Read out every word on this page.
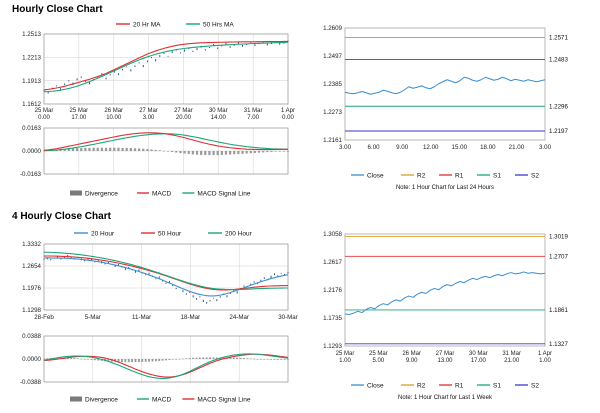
Hourly Close Chart
4 Hourly Close Chart
1.1612
1.1913
1.2213
1.2513
25 Mar
0.00
25 Mar
17.00
26 Mar
10.00
27 Mar
3.00
27 Mar
20.00
30 Mar
14.00
31 Mar
7.00
1 Apr
0.00
20 Hr MA	50 Hrs MA
-0.0163
0.0000
0.0163
Divergence	MACD	MACD Signal Line
1.2161
1.2273
1.2385
1.2497
1.2609
1.2571
1.2483
1.2296
1.2197
3.00	6.00	9.00 12.00 15.00 18.00 21.00 3.00
Close	R2	R1	S1	S2
Note: 1 Hour Chart for Last 24 Hours
1.1298
1.1976
1.2654
1.3332
28-Feb	5-Mar	11-Mar	18-Mar	24-Mar	30-Mar
20 Hour	50 Hour	200 Hour
-0.0388
0.0000
0.0388
Divergence	MACD	MACD Signal Line
1.1293
1.1735
1.2176
1.2617
1.3058	1.3019
1.2707
1.1861
1.1327
25 Mar
1.00
25 Mar
5.00
26 Mar
9.00
27 Mar
13.00
30 Mar
17.00
31 Mar
21.00
1 Apr
1.00
Close	R2	R1	S1	S2
Note: 1 Hour Chart for Last 1 Week
